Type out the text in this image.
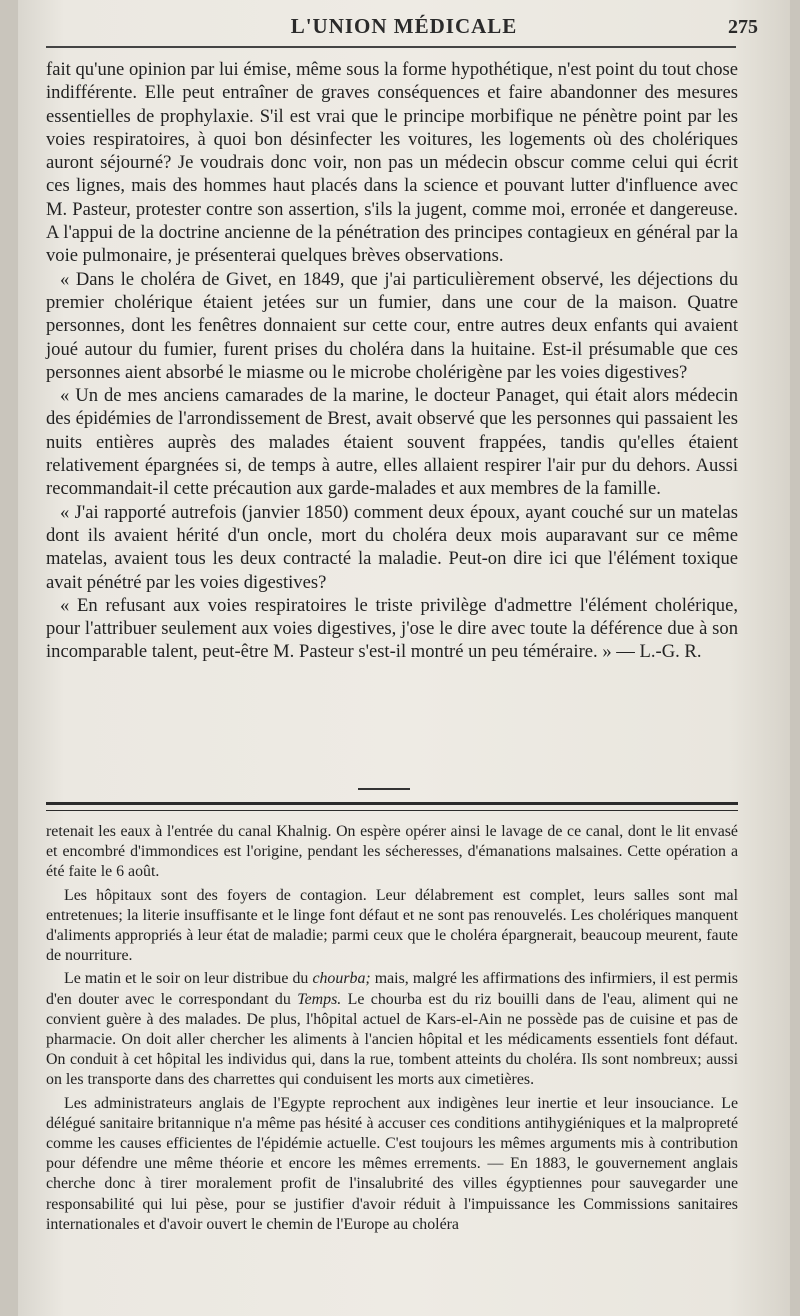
L'UNION MÉDICALE	275

fait qu'une opinion par lui émise, même sous la forme hypothétique, n'est point du tout chose indifférente. Elle peut entraîner de graves conséquences et faire abandonner des mesures essentielles de prophylaxie. S'il est vrai que le principe morbifique ne pénètre point par les voies respiratoires, à quoi bon désinfecter les voitures, les logements où des cholériques auront séjourné? Je voudrais donc voir, non pas un médecin obscur comme celui qui écrit ces lignes, mais des hommes haut placés dans la science et pouvant lutter d'influence avec M. Pasteur, protester contre son assertion, s'ils la jugent, comme moi, erronée et dangereuse. A l'appui de la doctrine ancienne de la pénétration des principes contagieux en général par la voie pulmonaire, je présenterai quelques brèves observations.

« Dans le choléra de Givet, en 1849, que j'ai particulièrement observé, les déjections du premier cholérique étaient jetées sur un fumier, dans une cour de la maison. Quatre personnes, dont les fenêtres donnaient sur cette cour, entre autres deux enfants qui avaient joué autour du fumier, furent prises du choléra dans la huitaine. Est-il présumable que ces personnes aient absorbé le miasme ou le microbe cholérigène par les voies digestives?

« Un de mes anciens camarades de la marine, le docteur Panaget, qui était alors médecin des épidémies de l'arrondissement de Brest, avait observé que les personnes qui passaient les nuits entières auprès des malades étaient souvent frappées, tandis qu'elles étaient relativement épargnées si, de temps à autre, elles allaient respirer l'air pur du dehors. Aussi recommandait-il cette précaution aux garde-malades et aux membres de la famille.

« J'ai rapporté autrefois (janvier 1850) comment deux époux, ayant couché sur un matelas dont ils avaient hérité d'un oncle, mort du choléra deux mois auparavant sur ce même matelas, avaient tous les deux contracté la maladie. Peut-on dire ici que l'élément toxique avait pénétré par les voies digestives?

« En refusant aux voies respiratoires le triste privilège d'admettre l'élément cholérique, pour l'attribuer seulement aux voies digestives, j'ose le dire avec toute la déférence due à son incomparable talent, peut-être M. Pasteur s'est-il montré un peu téméraire. » — L.-G. R.

retenait les eaux à l'entrée du canal Khalnig. On espère opérer ainsi le lavage de ce canal, dont le lit envasé et encombré d'immondices est l'origine, pendant les sécheresses, d'émanations malsaines. Cette opération a été faite le 6 août.

Les hôpitaux sont des foyers de contagion. Leur délabrement est complet, leurs salles sont mal entretenues; la literie insuffisante et le linge font défaut et ne sont pas renouvelés. Les cholériques manquent d'aliments appropriés à leur état de maladie; parmi ceux que le choléra épargnerait, beaucoup meurent, faute de nourriture.

Le matin et le soir on leur distribue du chourba; mais, malgré les affirmations des infirmiers, il est permis d'en douter avec le correspondant du Temps. Le chourba est du riz bouilli dans de l'eau, aliment qui ne convient guère à des malades. De plus, l'hôpital actuel de Kars-el-Ain ne possède pas de cuisine et pas de pharmacie. On doit aller chercher les aliments à l'ancien hôpital et les médicaments essentiels font défaut. On conduit à cet hôpital les individus qui, dans la rue, tombent atteints du choléra. Ils sont nombreux; aussi on les transporte dans des charrettes qui conduisent les morts aux cimetières.

Les administrateurs anglais de l'Egypte reprochent aux indigènes leur inertie et leur insouciance. Le délégué sanitaire britannique n'a même pas hésité à accuser ces conditions antihygiéniques et la malpropreté comme les causes efficientes de l'épidémie actuelle. C'est toujours les mêmes arguments mis à contribution pour défendre une même théorie et encore les mêmes errements. — En 1883, le gouvernement anglais cherche donc à tirer moralement profit de l'insalubrité des villes égyptiennes pour sauvegarder une responsabilité qui lui pèse, pour se justifier d'avoir réduit à l'impuissance les Commissions sanitaires internationales et d'avoir ouvert le chemin de l'Europe au choléra
